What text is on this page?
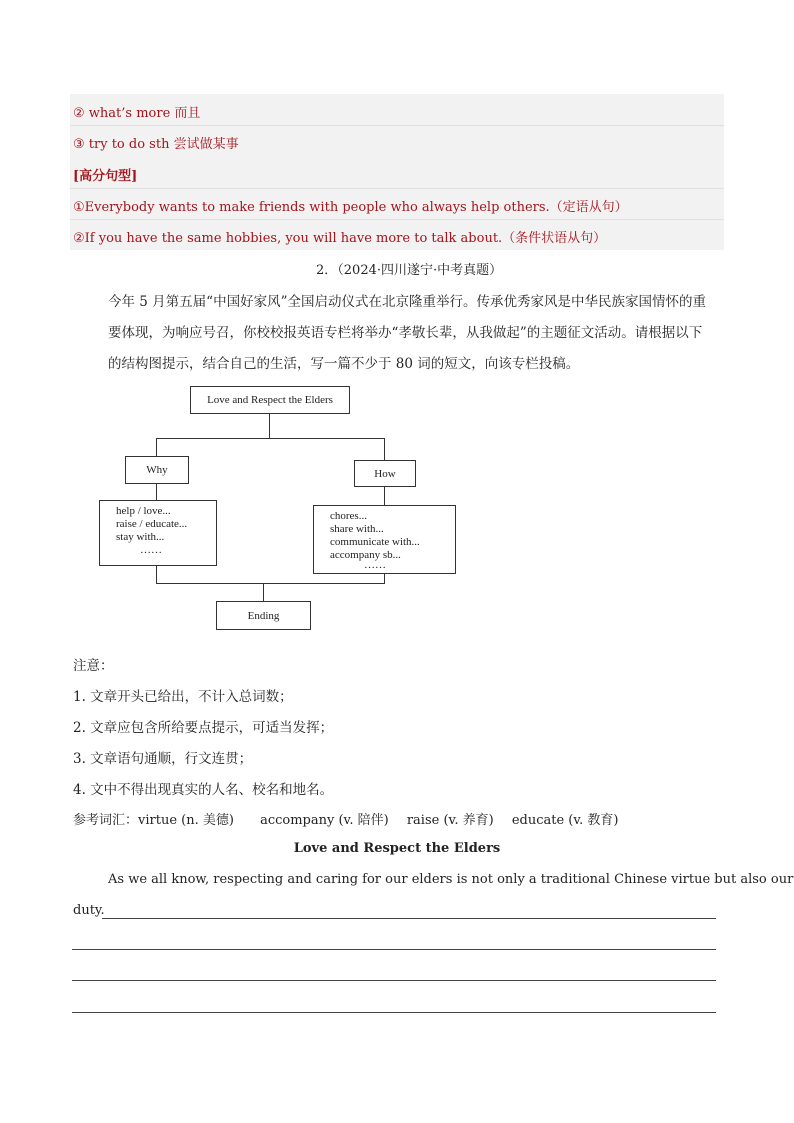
② what’s more 而且
③ try to do sth 尝试做某事
[高分句型]
①Everybody wants to make friends with people who always help others.（定语从句）
②If you have the same hobbies, you will have more to talk about.（条件状语从句）
2．（2024·四川遂宁·中考真题）
今年 5 月第五届“中国好家风”全国启动仪式在北京隆重举行。传承优秀家风是中华民族家国情怀的重
要体现，为响应号召，你校校报英语专栏将举办“孝敬长辈，从我做起”的主题征文活动。请根据以下
的结构图提示，结合自己的生活，写一篇不少于 80 词的短文，向该专栏投稿。
Love and Respect the Elders
Why	How
help / love...
raise / educate...
stay with...
……
chores...
share with...
communicate with...
accompany sb...
……
Ending
注意：
1. 文章开头已给出，不计入总词数；
2. 文章应包含所给要点提示，可适当发挥；
3. 文章语句通顺，行文连贯；
4. 文中不得出现真实的人名、校名和地名。
参考词汇：virtue (n. 美德) accompany (v. 陪伴) raise (v. 养育) educate (v. 教育)
Love and Respect the Elders
As we all know, respecting and caring for our elders is not only a traditional Chinese virtue but also our
duty.
